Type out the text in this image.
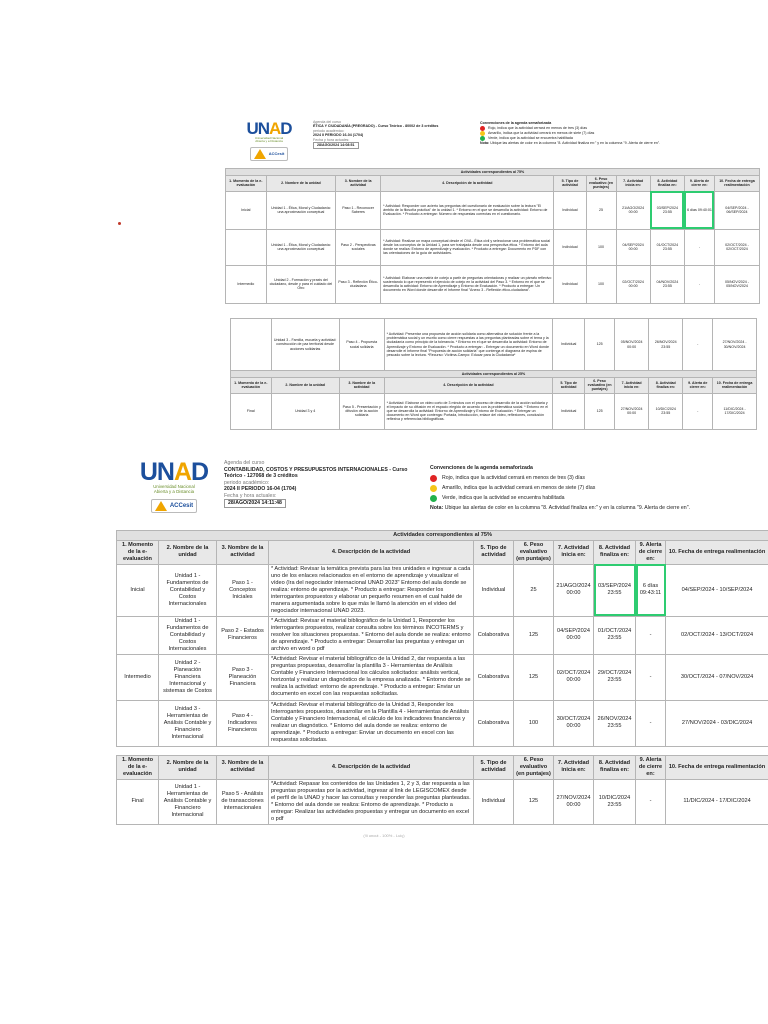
UNAD
Universidad Nacional
Abierta y a Distancia
ACCesit
Agenda del curso
ÉTICA Y CIUDADANÍA (PREGRADO) - Curso Teórico - 80002 de 3 créditos
periodo académico:
2024 II PERIODO 16-04 (1704)
Fecha y hora actuales:
28/AGO/2024 14:08:51
Convenciones de la agenda semaforizada
Rojo, indica que la actividad cerrará en menos de tres (3) días
Amarillo, indica que la actividad cerrará en menos de siete (7) días
Verde, indica que la actividad se encuentra habilitada
Nota: Ubique las alertas de color en la columna "8. Actividad finaliza en:" y en la columna "9. Alerta de cierre en".
Actividades correspondientes al 75%									
1. Momento de la e-evaluación	2. Nombre de la unidad	3. Nombre de la actividad	4. Descripción de la actividad	5. Tipo de actividad	6. Peso evaluativo (en puntajes)	7. Actividad inicia en:	8. Actividad finaliza en:	9. Alerta de cierre en:	10. Fecha de entrega realimentación
Inicial	Unidad 1 - Ética, Moral y Ciudadanía: una aproximación conceptual	Paso 1 - Reconocer Saberes	* Actividad: Responder con acierto las preguntas del cuestionario de evaluación sobre la lectura "El ámbito de la filosofía práctica" de la unidad 1. * Entorno en el que se desarrolla la actividad: Entorno de Evaluación. * Producto a entregar: Número de respuestas correctas en el cuestionario.	Individual	25	21/AGO/2024 00:00	03/SEP/2024 23:55	6 días 09:40:01	04/SEP/2024 - 06/SEP/2024
	Unidad 1 - Ética, Moral y Ciudadanía: una aproximación conceptual	Paso 2 - Perspectivas sociales	* Actividad: Realizar un mapa conceptual desde el OVA - Ética civil y seleccionar una problemática social desde los conceptos de la Unidad 1, para ser trabajada desde una perspectiva ética. * Entorno del aula donde se realiza: Entorno de aprendizaje y evaluación. * Producto a entregar: Documento en PDF con las orientaciones de la guía de actividades.	Individual	100	04/SEP/2024 00:00	01/OCT/2024 23:55	-	02/OCT/2024 - 02/OCT/2024
Intermedio	Unidad 2 - Formación y praxis del ciudadano, desde y para el cuidado del Otro	Paso 3 - Reflexión Ético-ciudadana	* Actividad: Elaborar una matriz de cotejo a partir de preguntas orientadoras y realizar un párrafo reflexivo sustentando lo que representó el ejercicio de cotejo en la actividad del Paso 3. * Entorno en el que se desarrolla la actividad: Entorno de Aprendizaje y Entorno de Evaluación. * Producto a entregar: Un documento en Word donde desarrolle el Informe final "Anexo 3 - Reflexión ético-ciudadana".	Individual	100	02/OCT/2024 00:00	04/NOV/2024 23:55	-	05/NOV/2024 - 05/NOV/2024
	Unidad 3 - Familia, escuela y actividad: construcción de paz territorial desde acciones solidarias	Paso 4 - Propuesta social solidaria	* Actividad: Presentar una propuesta de acción solidaria como alternativa de solución frente a la problemática social y un escrito como cierre respuestas a las preguntas planteadas sobre el tema y la ciudadanía como principio de la tolerancia. * Entorno en el que se desarrolla la actividad: Entorno de Aprendizaje y Entorno de Evaluación. * Producto a entregar: - Entregar un documento en Word donde desarrolle el Informe final "Propuesta de acción solidaria" que contenga el diagrama de espina de pescado sobre la lectura. *Recurso: Víctima-Campo: Educar para la Ciudadanía*	Individual	125	05/NOV/2024 00:00	26/NOV/2024 23:55	-	27/NOV/2024 - 30/NOV/2024
Actividades correspondientes al 25%									
1. Momento de la e-evaluación	2. Nombre de la unidad	3. Nombre de la actividad	4. Descripción de la actividad	5. Tipo de actividad	6. Peso evaluativo (en puntajes)	7. Actividad inicia en:	8. Actividad finaliza en:	9. Alerta de cierre en:	10. Fecha de entrega realimentación
Final	Unidad 3 y 4	Paso 5 - Presentación y difusión de la acción solidaria	* Actividad: Elaborar un video corto de 3 minutos con el proceso de desarrollo de la acción solidaria y el impacto de su difusión en el espacio elegido de acuerdo con la problemática social. * Entorno en el que se desarrolla la actividad: Entorno de Aprendizaje y Entorno de Evaluación. * Entregar un documento en Word que contenga: Portada, introducción, enlace del video, reflexiones, conclusión reflexiva y referencias bibliográficas.	Individual	125	27/NOV/2024 00:00	10/DIC/2024 23:55	-	11/DIC/2024 - 17/DIC/2024
UNAD
Universidad Nacional
Abierta y a Distancia
ACCesit
Agenda del curso
CONTABILIDAD, COSTOS Y PRESUPUESTOS INTERNACIONALES - Curso Teórico - 127068 de 3 créditos
periodo académico:
2024 II PERIODO 16-04 (1704)
Fecha y hora actuales:
28/AGO/2024 14:11:48
Convenciones de la agenda semaforizada
Rojo, indica que la actividad cerrará en menos de tres (3) días
Amarillo, indica que la actividad cerrará en menos de siete (7) días
Verde, indica que la actividad se encuentra habilitada
Nota: Ubique las alertas de color en la columna "8. Actividad finaliza en:" y en la columna "9. Alerta de cierre en".
Actividades correspondientes al 75%									
1. Momento de la e-evaluación	2. Nombre de la unidad	3. Nombre de la actividad	4. Descripción de la actividad	5. Tipo de actividad	6. Peso evaluativo (en puntajes)	7. Actividad inicia en:	8. Actividad finaliza en:	9. Alerta de cierre en:	10. Fecha de entrega realimentación
Inicial	Unidad 1 - Fundamentos de Contabilidad y Costos Internacionales	Paso 1 - Conceptos Iniciales	* Actividad: Revisar la temática prevista para las tres unidades e ingresar a cada uno de los enlaces relacionados en el entorno de aprendizaje y visualizar el vídeo (Ira del negociador internacional UNAD 2023" Entorno del aula donde se realiza: entorno de aprendizaje. * Producto a entregar: Responder los interrogantes propuestos y elaborar un pequeño resumen en el cual haldé de manera argumentada sobre lo que más le llamó la atención en el vídeo del negociador internacional UNAD 2023.	Individual	25	21/AGO/2024 00:00	03/SEP/2024 23:55	6 días 09:43:11	04/SEP/2024 - 10/SEP/2024
	Unidad 1 - Fundamentos de Contabilidad y Costos Internacionales	Paso 2 - Estados Financieros	* Actividad: Revisar el material bibliográfico de la Unidad 1, Responder los interrogantes propuestos, realizar consulta sobre los términos INCOTERMS y resolver los situaciones propuestas. * Entorno del aula donde se realiza: entorno de aprendizaje. * Producto a entregar: Desarrollar las preguntas y entregar un archivo en word o pdf	Colaborativa	125	04/SEP/2024 00:00	01/OCT/2024 23:55	-	02/OCT/2024 - 13/OCT/2024
Intermedio	Unidad 2 -Planeación Financiera Internacional y sistemas de Costos	Paso 3 - Planeación Financiera	*Actividad: Revisar el material bibliográfico de la Unidad 2, dar respuesta a las preguntas propuestas, desarrollar la plantilla 3 - Herramientas de Análisis Contable y Financiero Internacional los cálculos solicitados: análisis vertical, horizontal y realizar un diagnóstico de la empresa analizada. * Entorno donde se realiza la actividad: entorno de aprendizaje. * Producto a entregar: Enviar un documento en excel con las respuestas solicitadas.	Colaborativa	125	02/OCT/2024 00:00	29/OCT/2024 23:55	-	30/OCT/2024 - 07/NOV/2024
	Unidad 3 - Herramientas de Análisis Contable y Financiero Internacional	Paso 4 - Indicadores Financieros	*Actividad: Revisar el material bibliográfico de la Unidad 3, Responder los Interrogantes propuestos, desarrollar en la Plantilla 4 - Herramientas de Análisis Contable y Financiero Internacional, el cálculo de los indicadores financieros y realizar un diagnóstico. * Entorno del aula donde se realiza: entorno de aprendizaje. * Producto a entregar: Enviar un documento en excel con las respuestas solicitadas.	Colaborativa	100	30/OCT/2024 00:00	26/NOV/2024 23:55	-	27/NOV/2024 - 03/DIC/2024
1. Momento de la e-evaluación	2. Nombre de la unidad	3. Nombre de la actividad	4. Descripción de la actividad	5. Tipo de actividad	6. Peso evaluativo (en puntajes)	7. Actividad inicia en:	8. Actividad finaliza en:	9. Alerta de cierre en:	10. Fecha de entrega realimentación
Final	Unidad 1 - Herramientas de Análisis Contable y Financiero Internacional	Paso 5 - Análisis de transacciones internacionales	*Actividad: Repasar los contenidos de las Unidades 1, 2 y 3, dar respuesta a las preguntas propuestas por la actividad, ingresar al link de LEGISCOMEX desde el perfil de la UNAD y hacer las consultas y responder las preguntas planteadas. * Entorno del aula donde se realiza: Entorno de aprendizaje. * Producto a entregar: Realizar las actividades propuestas y entregar un documento en excel o pdf	Individual	125	27/NOV/2024 00:00	10/DIC/2024 23:55	-	11/DIC/2024 - 17/DIC/2024
(!li uncut - 100% - Luiç)
